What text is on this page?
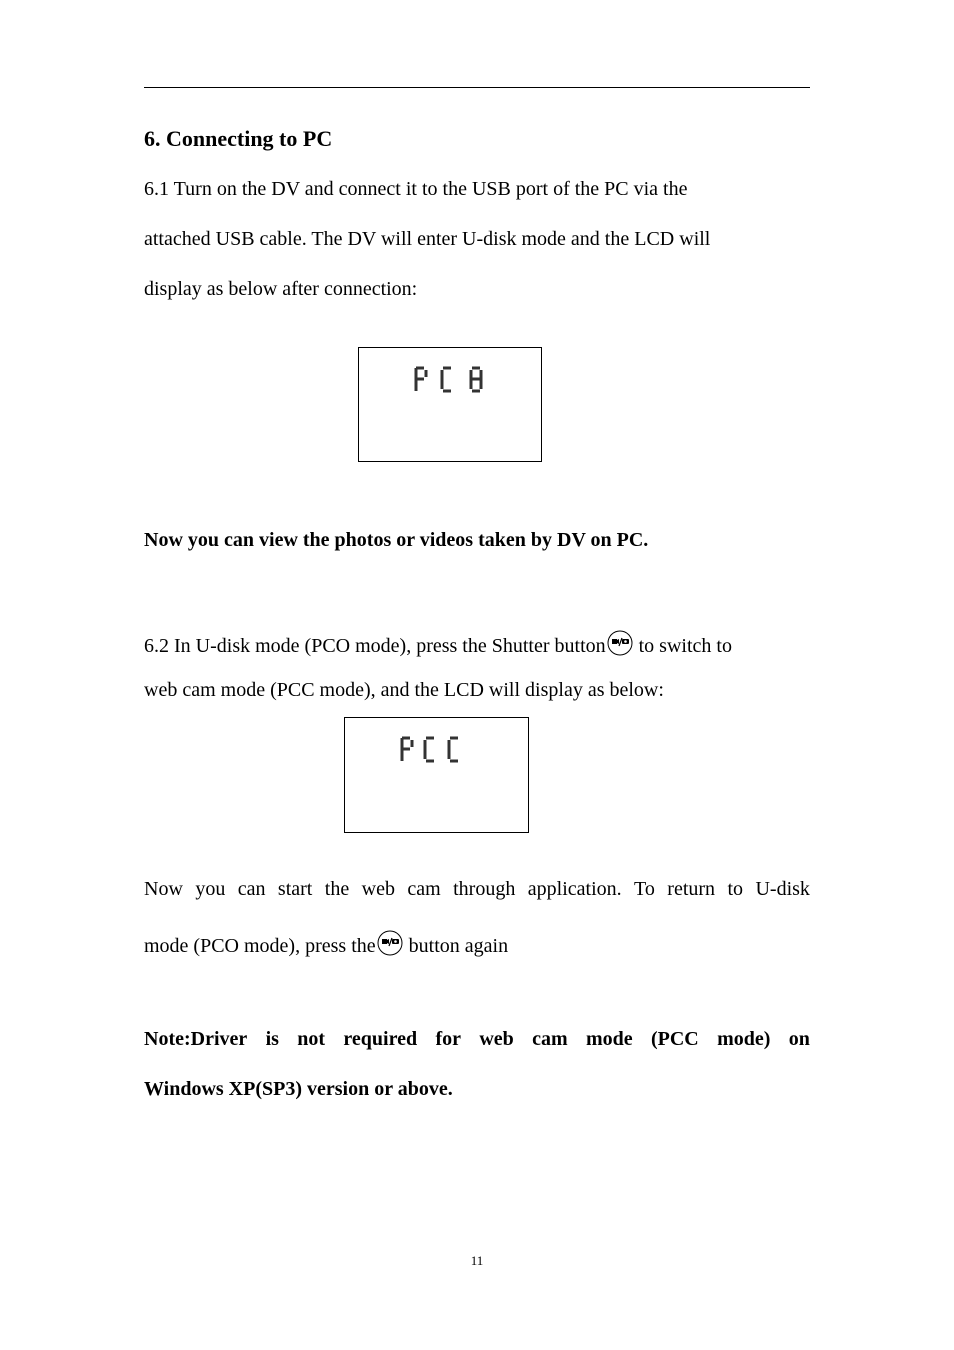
6. Connecting to PC
6.1 Turn on the DV and connect it to the USB port of the PC via the
attached USB cable. The DV will enter U-disk mode and the LCD will
display as below after connection:
Now you can view the photos or videos taken by DV on PC.
6.2 In U-disk mode (PCO mode), press the Shutter button to switch to
web cam mode (PCC mode), and the LCD will display as below:
Now you can start the web cam through application. To return to U-disk
mode (PCO mode), press the button again
Note:Driver is not required for web cam mode (PCC mode) on
Windows XP(SP3) version or above.
11
